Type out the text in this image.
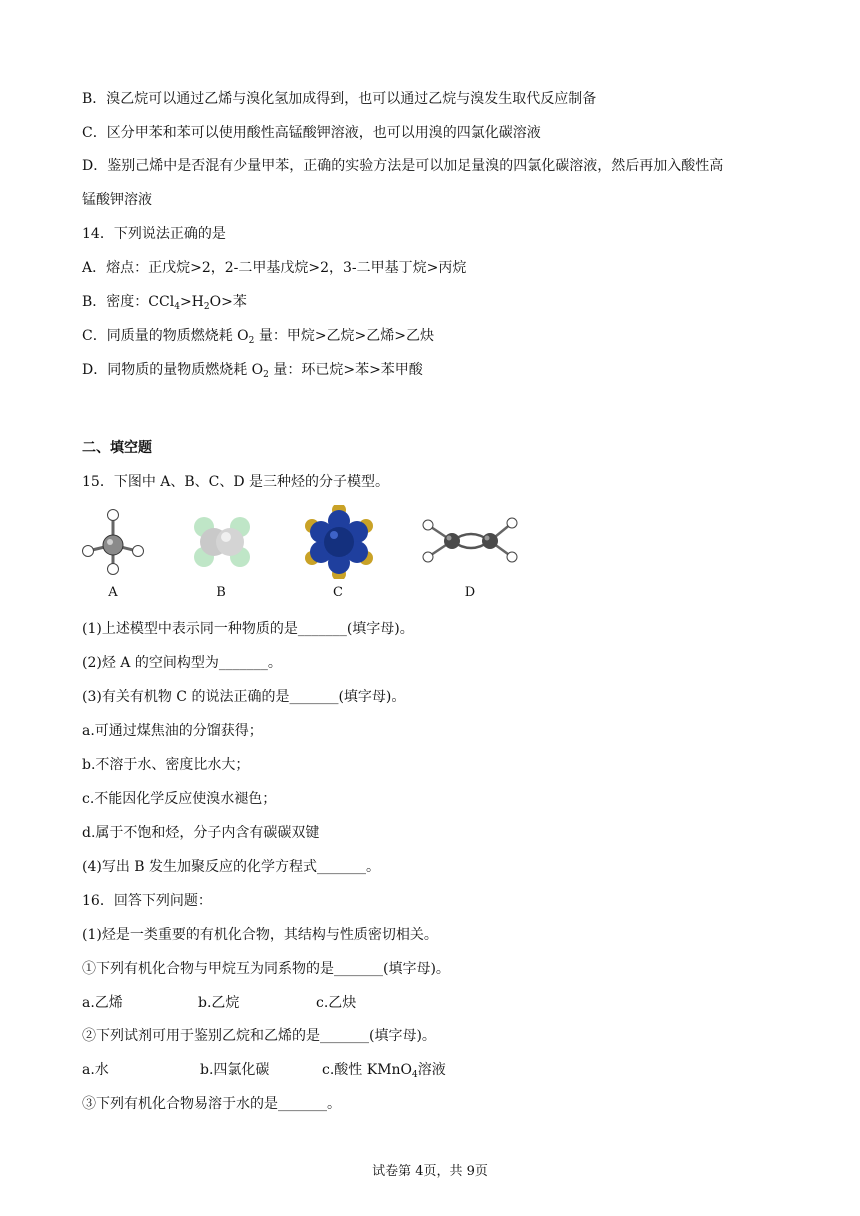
B．溴乙烷可以通过乙烯与溴化氢加成得到，也可以通过乙烷与溴发生取代反应制备
C．区分甲苯和苯可以使用酸性高锰酸钾溶液，也可以用溴的四氯化碳溶液
D．鉴别己烯中是否混有少量甲苯，正确的实验方法是可以加足量溴的四氯化碳溶液，然后再加入酸性高
锰酸钾溶液
14．下列说法正确的是
A．熔点：正戊烷>2，2-二甲基戊烷>2，3-二甲基丁烷>丙烷
B．密度：$CCl_4>H_2O>$苯
C．同质量的物质燃烧耗 $O_2$ 量：甲烷>乙烷>乙烯>乙炔
D．同物质的量物质燃烧耗 $O_2$ 量：环已烷>苯>苯甲酸
二、填空题
15．下图中 A、B、C、D 是三种烃的分子模型。
A	B	C	D
(1)上述模型中表示同一种物质的是_______(填字母)。
(2)烃 A 的空间构型为_______。
(3)有关有机物 C 的说法正确的是_______(填字母)。
a.可通过煤焦油的分馏获得；
b.不溶于水、密度比水大；
c.不能因化学反应使溴水褪色；
d.属于不饱和烃，分子内含有碳碳双键
(4)写出 B 发生加聚反应的化学方程式_______。
16．回答下列问题：
(1)烃是一类重要的有机化合物，其结构与性质密切相关。
①下列有机化合物与甲烷互为同系物的是_______(填字母)。
a.乙烯	b.乙烷	c.乙炔
②下列试剂可用于鉴别乙烷和乙烯的是_______(填字母)。
a.水	b.四氯化碳	c.酸性 KMnO4溶液
③下列有机化合物易溶于水的是_______。
试卷第 4页，共 9页
